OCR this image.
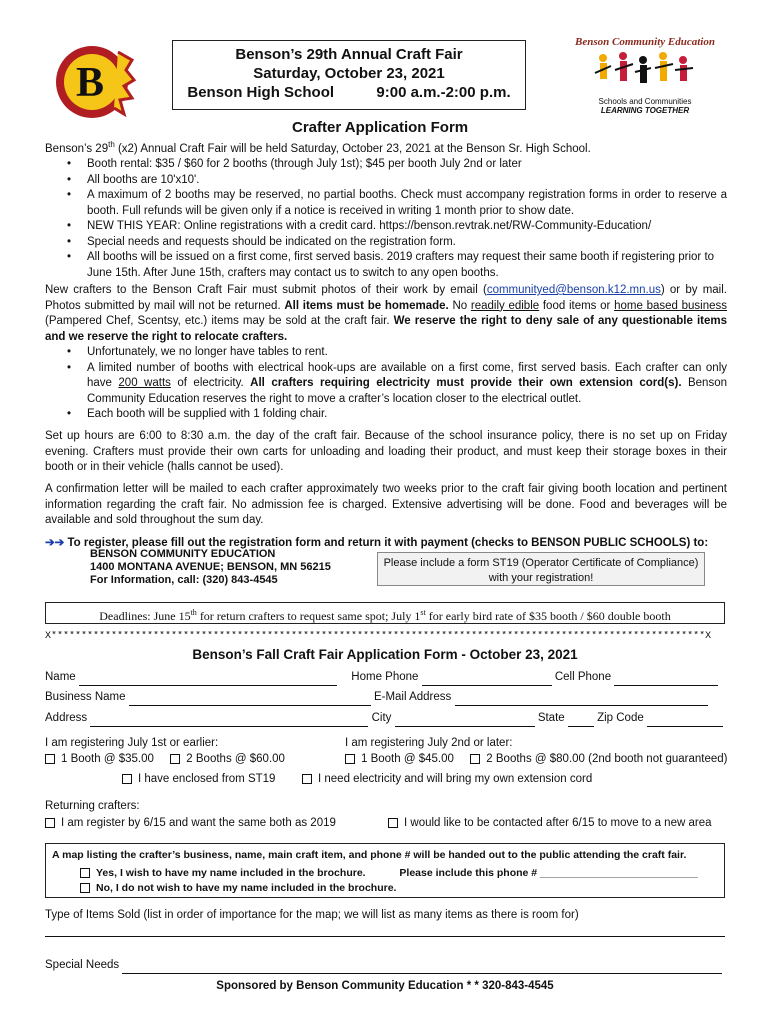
B
Benson’s 29th Annual Craft Fair
Saturday, October 23, 2021
Benson High School	9:00 a.m.-2:00 p.m.
Benson Community Education
Schools and Communities
LEARNING TOGETHER
Crafter Application Form

Benson’s 29th (x2) Annual Craft Fair will be held Saturday, October 23, 2021 at the Benson Sr. High School.

• Booth rental: $35 / $60 for 2 booths (through July 1st); $45 per booth July 2nd or later
• All booths are 10'x10'.
• A maximum of 2 booths may be reserved, no partial booths. Check must accompany registration forms in order to reserve a booth. Full refunds will be given only if a notice is received in writing 1 month prior to show date.
• NEW THIS YEAR: Online registrations with a credit card. https://benson.revtrak.net/RW-Community-Education/
• Special needs and requests should be indicated on the registration form.
• All booths will be issued on a first come, first served basis. 2019 crafters may request their same booth if registering prior to June 15th. After June 15th, crafters may contact us to switch to any open booths.

New crafters to the Benson Craft Fair must submit photos of their work by email (communityed@benson.k12.mn.us) or by mail. Photos submitted by mail will not be returned. All items must be homemade. No readily edible food items or home based business (Pampered Chef, Scentsy, etc.) items may be sold at the craft fair. We reserve the right to deny sale of any questionable items and we reserve the right to relocate crafters.

• Unfortunately, we no longer have tables to rent.
• A limited number of booths with electrical hook-ups are available on a first come, first served basis. Each crafter can only have 200 watts of electricity. All crafters requiring electricity must provide their own extension cord(s). Benson Community Education reserves the right to move a crafter’s location closer to the electrical outlet.
• Each booth will be supplied with 1 folding chair.
Set up hours are 6:00 to 8:30 a.m. the day of the craft fair. Because of the school insurance policy, there is no set up on Friday evening. Crafters must provide their own carts for unloading and loading their product, and must keep their storage boxes in their booth or in their vehicle (halls cannot be used).
A confirmation letter will be mailed to each crafter approximately two weeks prior to the craft fair giving booth location and pertinent information regarding the craft fair. No admission fee is charged. Extensive advertising will be done. Food and beverages will be available and sold throughout the sum day.
➔➔ To register, please fill out the registration form and return it with payment (checks to BENSON PUBLIC SCHOOLS) to:
BENSON COMMUNITY EDUCATION
1400 MONTANA AVENUE; BENSON, MN 56215
For Information, call: (320) 843-4545
Please include a form ST19 (Operator Certificate of Compliance) with your registration!
Deadlines: June 15th for return crafters to request same spot; July 1st for early bird rate of $35 booth / $60 double booth
X*************************************************************************************************************X
Benson’s Fall Craft Fair Application Form - October 23, 2021
Name	Home Phone	Cell Phone
Business Name	E-Mail Address
Address	City	State	Zip Code
I am registering July 1st or earlier:	I am registering July 2nd or later:
1 Booth @ $35.00	2 Booths @ $60.00	1 Booth @ $45.00	2 Booths @ $80.00 (2nd booth not guaranteed)
I have enclosed from ST19	I need electricity and will bring my own extension cord
Returning crafters:
I am register by 6/15 and want the same both as 2019	I would like to be contacted after 6/15 to move to a new area
A map listing the crafter’s business, name, main craft item, and phone # will be handed out to the public attending the craft fair.
Yes, I wish to have my name included in the brochure.	Please include this phone # ___________________________
No, I do not wish to have my name included in the brochure.
Type of Items Sold (list in order of importance for the map; we will list as many items as there is room for)
Special Needs
Sponsored by Benson Community Education * * 320-843-4545
